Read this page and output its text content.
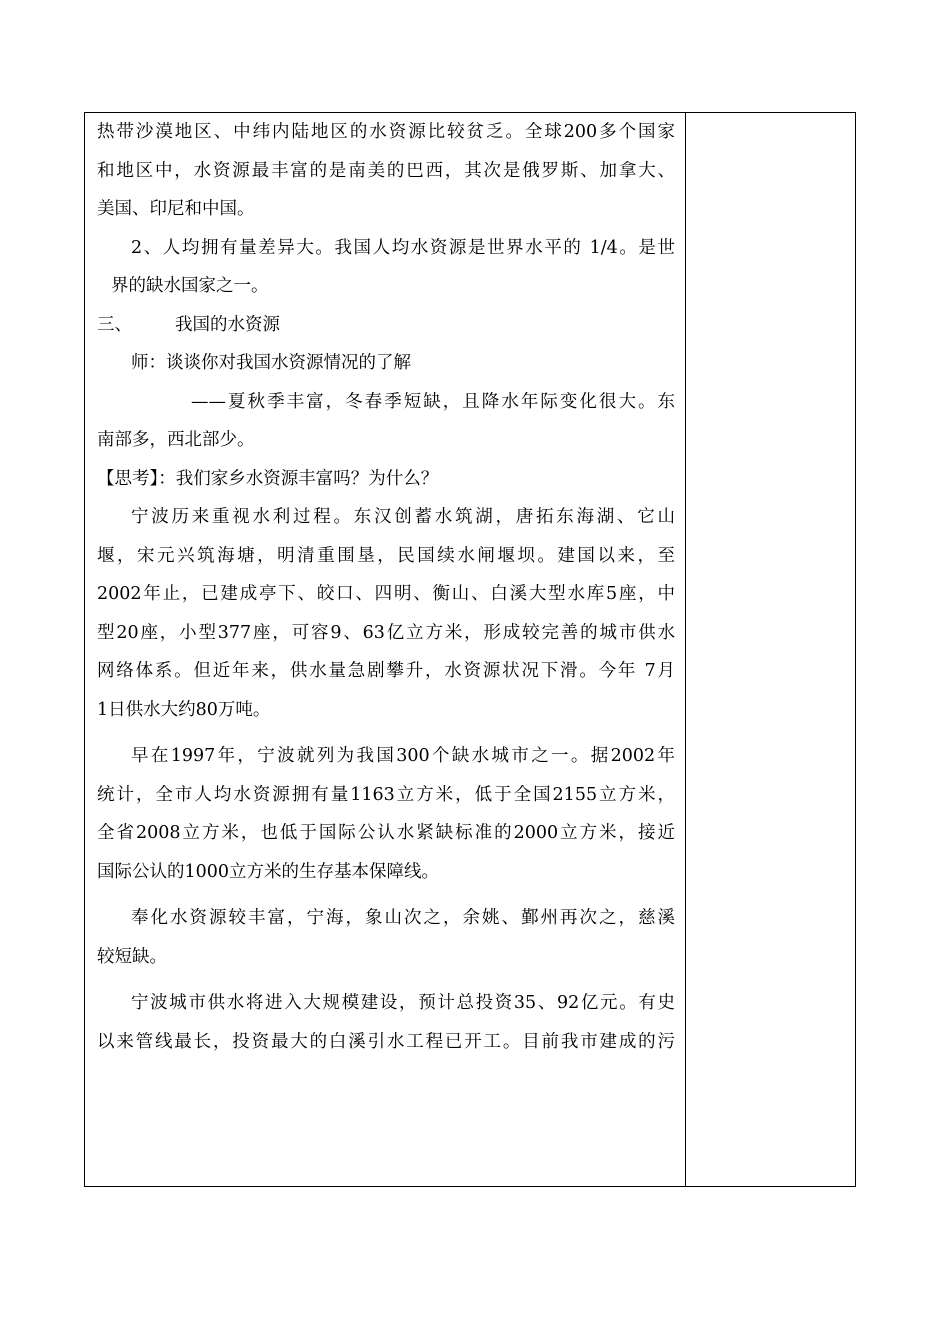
热带沙漠地区、中纬内陆地区的水资源比较贫乏。全球200多个国家
和地区中，水资源最丰富的是南美的巴西，其次是俄罗斯、加拿大、
美国、印尼和中国。
2、人均拥有量差异大。我国人均水资源是世界水平的 1/4。是世
界的缺水国家之一。
三、 我国的水资源
师：谈谈你对我国水资源情况的了解
——夏秋季丰富，冬春季短缺，且降水年际变化很大。东
南部多，西北部少。
【思考】：我们家乡水资源丰富吗？为什么？
宁波历来重视水利过程。东汉创蓄水筑湖，唐拓东海湖、它山
堰，宋元兴筑海塘，明清重围垦，民国续水闸堰坝。建国以来，至
2002年止，已建成亭下、皎口、四明、衡山、白溪大型水库5座，中
型20座，小型377座，可容9、63亿立方米，形成较完善的城市供水
网络体系。但近年来，供水量急剧攀升，水资源状况下滑。今年 7月
1日供水大约80万吨。
早在1997年，宁波就列为我国300个缺水城市之一。据2002年
统计，全市人均水资源拥有量1163立方米，低于全国2155立方米，
全省2008立方米，也低于国际公认水紧缺标准的2000立方米，接近
国际公认的1000立方米的生存基本保障线。
奉化水资源较丰富，宁海，象山次之，余姚、鄞州再次之，慈溪
较短缺。
宁波城市供水将进入大规模建设，预计总投资35、92亿元。有史
以来管线最长，投资最大的白溪引水工程已开工。目前我市建成的污
